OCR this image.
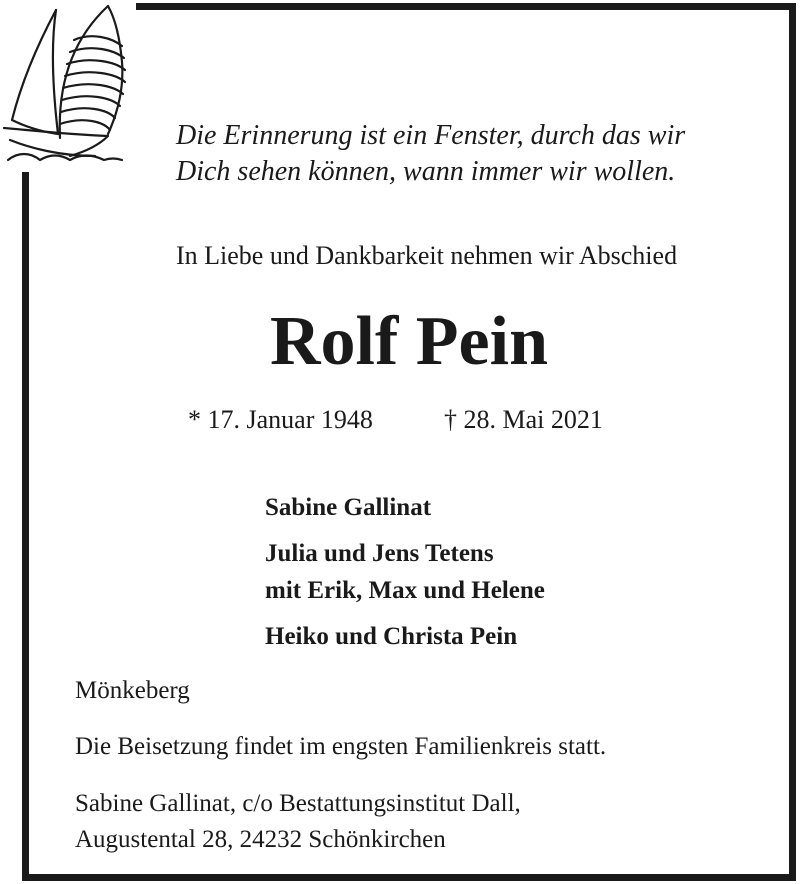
Die Erinnerung ist ein Fenster, durch das wir
Dich sehen können, wann immer wir wollen.
In Liebe und Dankbarkeit nehmen wir Abschied
Rolf Pein
* 17. Januar 1948	† 28. Mai 2021
Sabine Gallinat
Julia und Jens Tetens
mit Erik, Max und Helene
Heiko und Christa Pein
Mönkeberg
Die Beisetzung findet im engsten Familienkreis statt.
Sabine Gallinat, c/o Bestattungsinstitut Dall,
Augustental 28, 24232 Schönkirchen
